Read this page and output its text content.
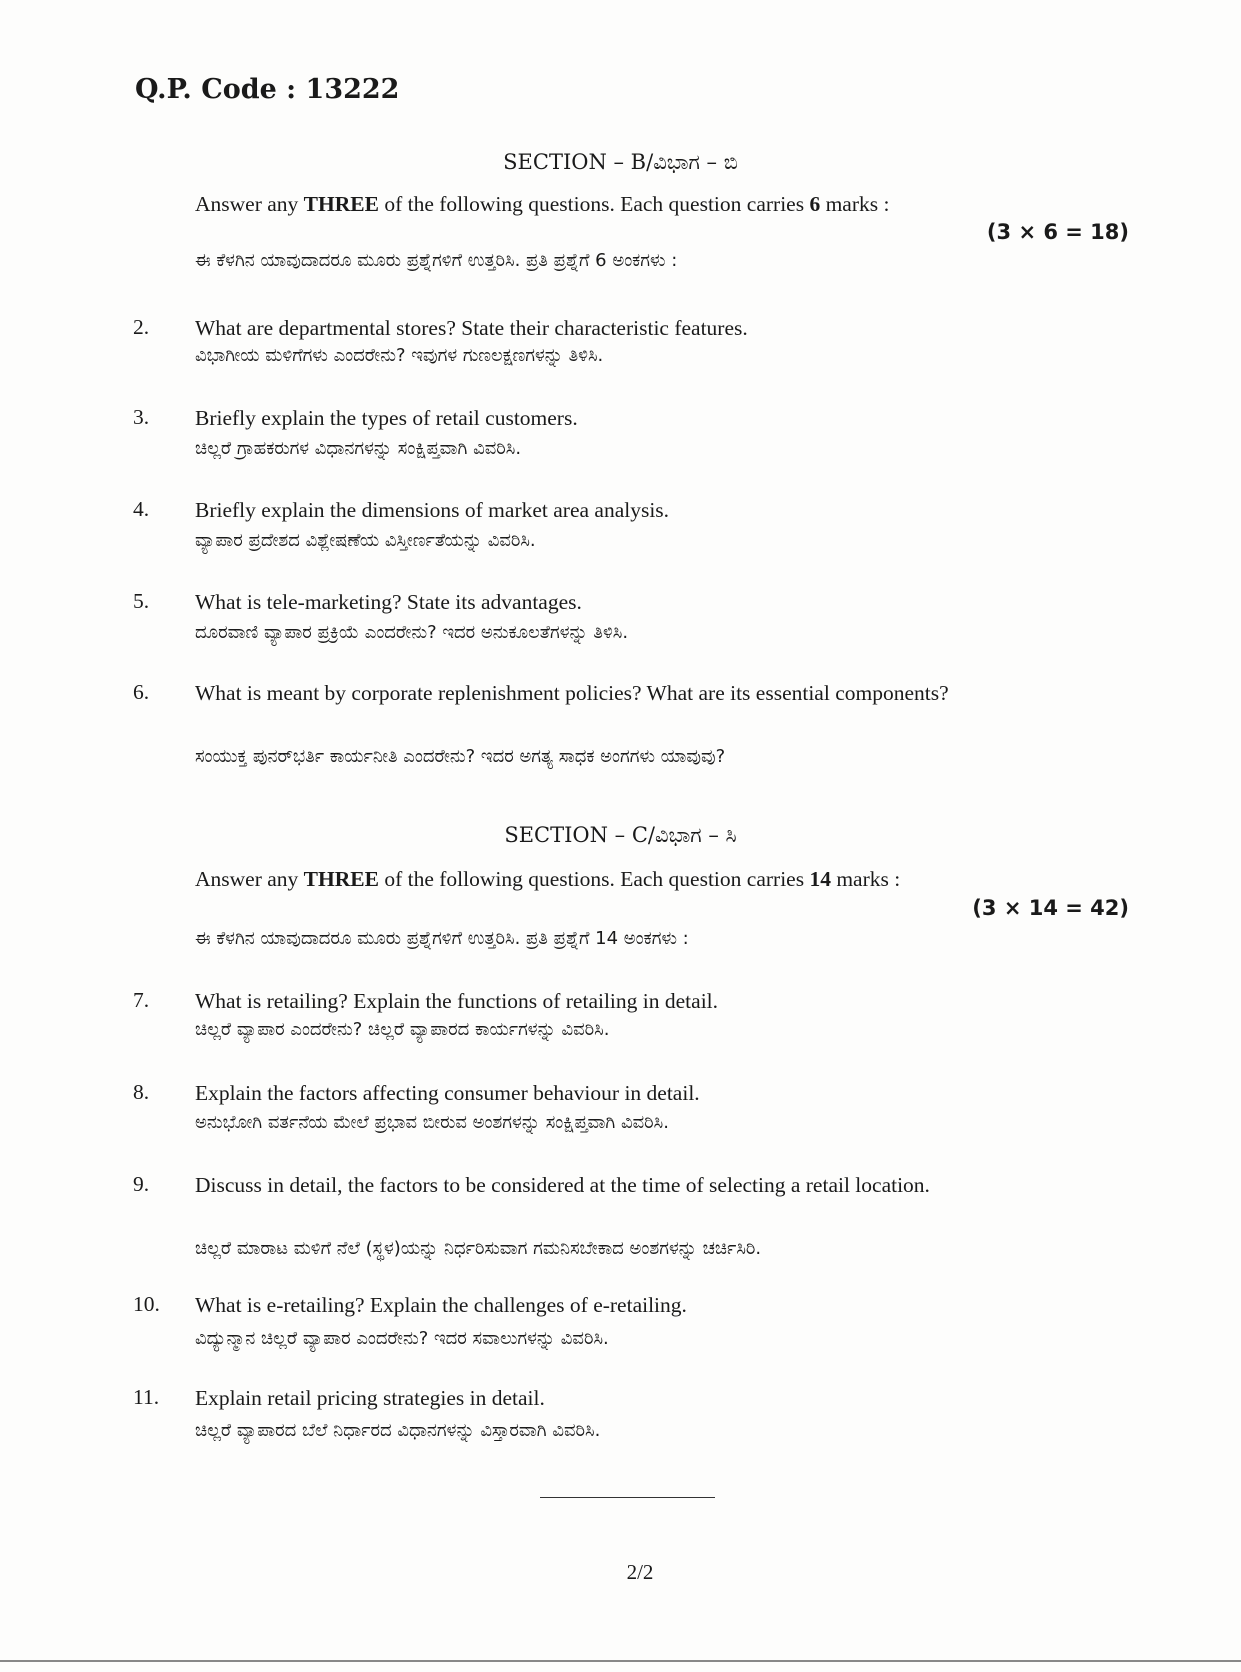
Q.P. Code : 13222
SECTION – B/ವಿಭಾಗ – ಬಿ
Answer any THREE of the following questions. Each question carries 6 marks :
(3 × 6 = 18)
ಈ ಕೆಳಗಿನ ಯಾವುದಾದರೂ ಮೂರು ಪ್ರಶ್ನೆಗಳಿಗೆ ಉತ್ತರಿಸಿ. ಪ್ರತಿ ಪ್ರಶ್ನೆಗೆ 6 ಅಂಕಗಳು :
2. What are departmental stores? State their characteristic features.
ವಿಭಾಗೀಯ ಮಳಿಗೆಗಳು ಎಂದರೇನು? ಇವುಗಳ ಗುಣಲಕ್ಷಣಗಳನ್ನು ತಿಳಿಸಿ.
3. Briefly explain the types of retail customers.
ಚಿಲ್ಲರೆ ಗ್ರಾಹಕರುಗಳ ವಿಧಾನಗಳನ್ನು ಸಂಕ್ಷಿಪ್ತವಾಗಿ ವಿವರಿಸಿ.
4. Briefly explain the dimensions of market area analysis.
ವ್ಯಾಪಾರ ಪ್ರದೇಶದ ವಿಶ್ಲೇಷಣೆಯ ವಿಸ್ತೀರ್ಣತೆಯನ್ನು ವಿವರಿಸಿ.
5. What is tele-marketing? State its advantages.
ದೂರವಾಣಿ ವ್ಯಾಪಾರ ಪ್ರಕ್ರಿಯೆ ಎಂದರೇನು? ಇದರ ಅನುಕೂಲತೆಗಳನ್ನು ತಿಳಿಸಿ.
6. What is meant by corporate replenishment policies? What are its essential components?
ಸಂಯುಕ್ತ ಪುನರ್‌ಭರ್ತಿ ಕಾರ್ಯನೀತಿ ಎಂದರೇನು? ಇದರ ಅಗತ್ಯ ಸಾಧಕ ಅಂಗಗಳು ಯಾವುವು?
SECTION – C/ವಿಭಾಗ – ಸಿ
Answer any THREE of the following questions. Each question carries 14 marks :
(3 × 14 = 42)
ಈ ಕೆಳಗಿನ ಯಾವುದಾದರೂ ಮೂರು ಪ್ರಶ್ನೆಗಳಿಗೆ ಉತ್ತರಿಸಿ. ಪ್ರತಿ ಪ್ರಶ್ನೆಗೆ 14 ಅಂಕಗಳು :
7. What is retailing? Explain the functions of retailing in detail.
ಚಿಲ್ಲರೆ ವ್ಯಾಪಾರ ಎಂದರೇನು? ಚಿಲ್ಲರೆ ವ್ಯಾಪಾರದ ಕಾರ್ಯಗಳನ್ನು ವಿವರಿಸಿ.
8. Explain the factors affecting consumer behaviour in detail.
ಅನುಭೋಗಿ ವರ್ತನೆಯ ಮೇಲೆ ಪ್ರಭಾವ ಬೀರುವ ಅಂಶಗಳನ್ನು ಸಂಕ್ಷಿಪ್ತವಾಗಿ ವಿವರಿಸಿ.
9. Discuss in detail, the factors to be considered at the time of selecting a retail location.
ಚಿಲ್ಲರೆ ಮಾರಾಟ ಮಳಿಗೆ ನೆಲೆ (ಸ್ಥಳ)ಯನ್ನು ನಿರ್ಧರಿಸುವಾಗ ಗಮನಿಸಬೇಕಾದ ಅಂಶಗಳನ್ನು ಚರ್ಚಿಸಿರಿ.
10. What is e-retailing? Explain the challenges of e-retailing.
ವಿದ್ಯುನ್ಮಾನ ಚಿಲ್ಲರೆ ವ್ಯಾಪಾರ ಎಂದರೇನು? ಇದರ ಸವಾಲುಗಳನ್ನು ವಿವರಿಸಿ.
11. Explain retail pricing strategies in detail.
ಚಿಲ್ಲರೆ ವ್ಯಾಪಾರದ ಬೆಲೆ ನಿರ್ಧಾರದ ವಿಧಾನಗಳನ್ನು ವಿಸ್ತಾರವಾಗಿ ವಿವರಿಸಿ.
2/2
